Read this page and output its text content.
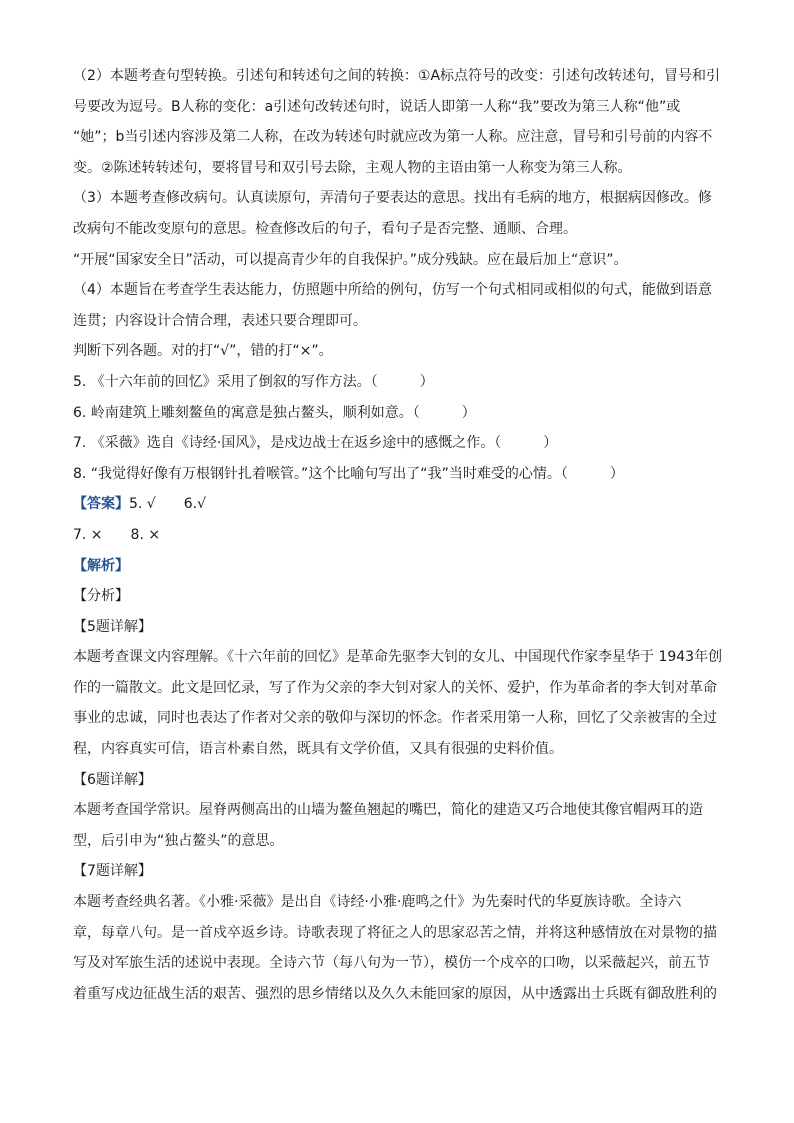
（2）本题考查句型转换。引述句和转述句之间的转换：①A标点符号的改变：引述句改转述句，冒号和引
号要改为逗号。B人称的变化：a引述句改转述句时，说话人即第一人称“我”要改为第三人称“他”或
“她”；b当引述内容涉及第二人称，在改为转述句时就应改为第一人称。应注意，冒号和引号前的内容不
变。②陈述转转述句，要将冒号和双引号去除，主观人物的主语由第一人称变为第三人称。
（3）本题考查修改病句。认真读原句，弄清句子要表达的意思。找出有毛病的地方，根据病因修改。修
改病句不能改变原句的意思。检查修改后的句子，看句子是否完整、通顺、合理。
“开展“国家安全日”活动，可以提高青少年的自我保护。”成分残缺。应在最后加上“意识”。
（4）本题旨在考查学生表达能力，仿照题中所给的例句，仿写一个句式相同或相似的句式，能做到语意
连贯；内容设计合情合理，表述只要合理即可。
判断下列各题。对的打“√”，错的打“×”。
5. 《十六年前的回忆》采用了倒叙的写作方法。（　　　）
6. 岭南建筑上雕刻鳌鱼的寓意是独占鳌头，顺利如意。（　　　）
7. 《采薇》选自《诗经·国风》，是戍边战士在返乡途中的感慨之作。（　　　）
8. “我觉得好像有万根钢针扎着喉管。”这个比喻句写出了“我”当时难受的心情。（　　　）
【答案】5. √　　6.√
7. ×　　8. ×
【解析】
【分析】
【5题详解】
本题考查课文内容理解。《十六年前的回忆》是革命先驱李大钊的女儿、中国现代作家李星华于 1943年创
作的一篇散文。此文是回忆录，写了作为父亲的李大钊对家人的关怀、爱护，作为革命者的李大钊对革命
事业的忠诚，同时也表达了作者对父亲的敬仰与深切的怀念。作者采用第一人称，回忆了父亲被害的全过
程，内容真实可信，语言朴素自然，既具有文学价值，又具有很强的史料价值。
【6题详解】
本题考查国学常识。屋脊两侧高出的山墙为鳌鱼翘起的嘴巴，简化的建造又巧合地使其像官帽两耳的造
型，后引申为“独占鳌头”的意思。
【7题详解】
本题考查经典名著。《小雅·采薇》是出自《诗经·小雅·鹿鸣之什》为先秦时代的华夏族诗歌。全诗六
章，每章八句。是一首戍卒返乡诗。诗歌表现了将征之人的思家忍苦之情，并将这种感情放在对景物的描
写及对军旅生活的述说中表现。全诗六节（每八句为一节），模仿一个戍卒的口吻，以采薇起兴，前五节
着重写戍边征战生活的艰苦、强烈的思乡情绪以及久久未能回家的原因，从中透露出士兵既有御敌胜利的
